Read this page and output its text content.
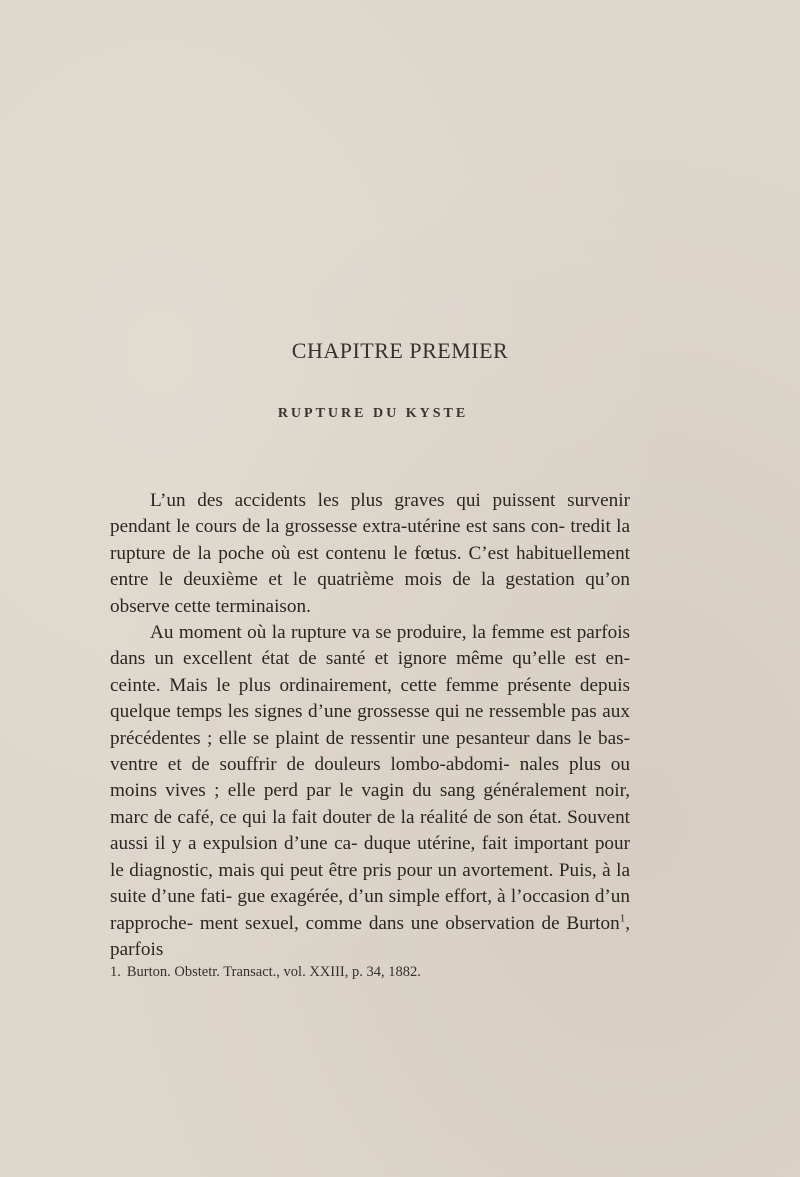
CHAPITRE PREMIER
RUPTURE DU KYSTE

L’un des accidents les plus graves qui puissent survenir pendant le cours de la grossesse extra-utérine est sans con- tredit la rupture de la poche où est contenu le fœtus. C’est habituellement entre le deuxième et le quatrième mois de la gestation qu’on observe cette terminaison.

Au moment où la rupture va se produire, la femme est parfois dans un excellent état de santé et ignore même qu’elle est en- ceinte. Mais le plus ordinairement, cette femme présente depuis quelque temps les signes d’une grossesse qui ne ressemble pas aux précédentes ; elle se plaint de ressentir une pesanteur dans le bas-ventre et de souffrir de douleurs lombo-abdomi- nales plus ou moins vives ; elle perd par le vagin du sang généralement noir, marc de café, ce qui la fait douter de la réalité de son état. Souvent aussi il y a expulsion d’une ca- duque utérine, fait important pour le diagnostic, mais qui peut être pris pour un avortement. Puis, à la suite d’une fati- gue exagérée, d’un simple effort, à l’occasion d’un rapproche- ment sexuel, comme dans une observation de Burton$^1$, parfois

1. Burton. Obstetr. Transact., vol. XXIII, p. 34, 1882.
